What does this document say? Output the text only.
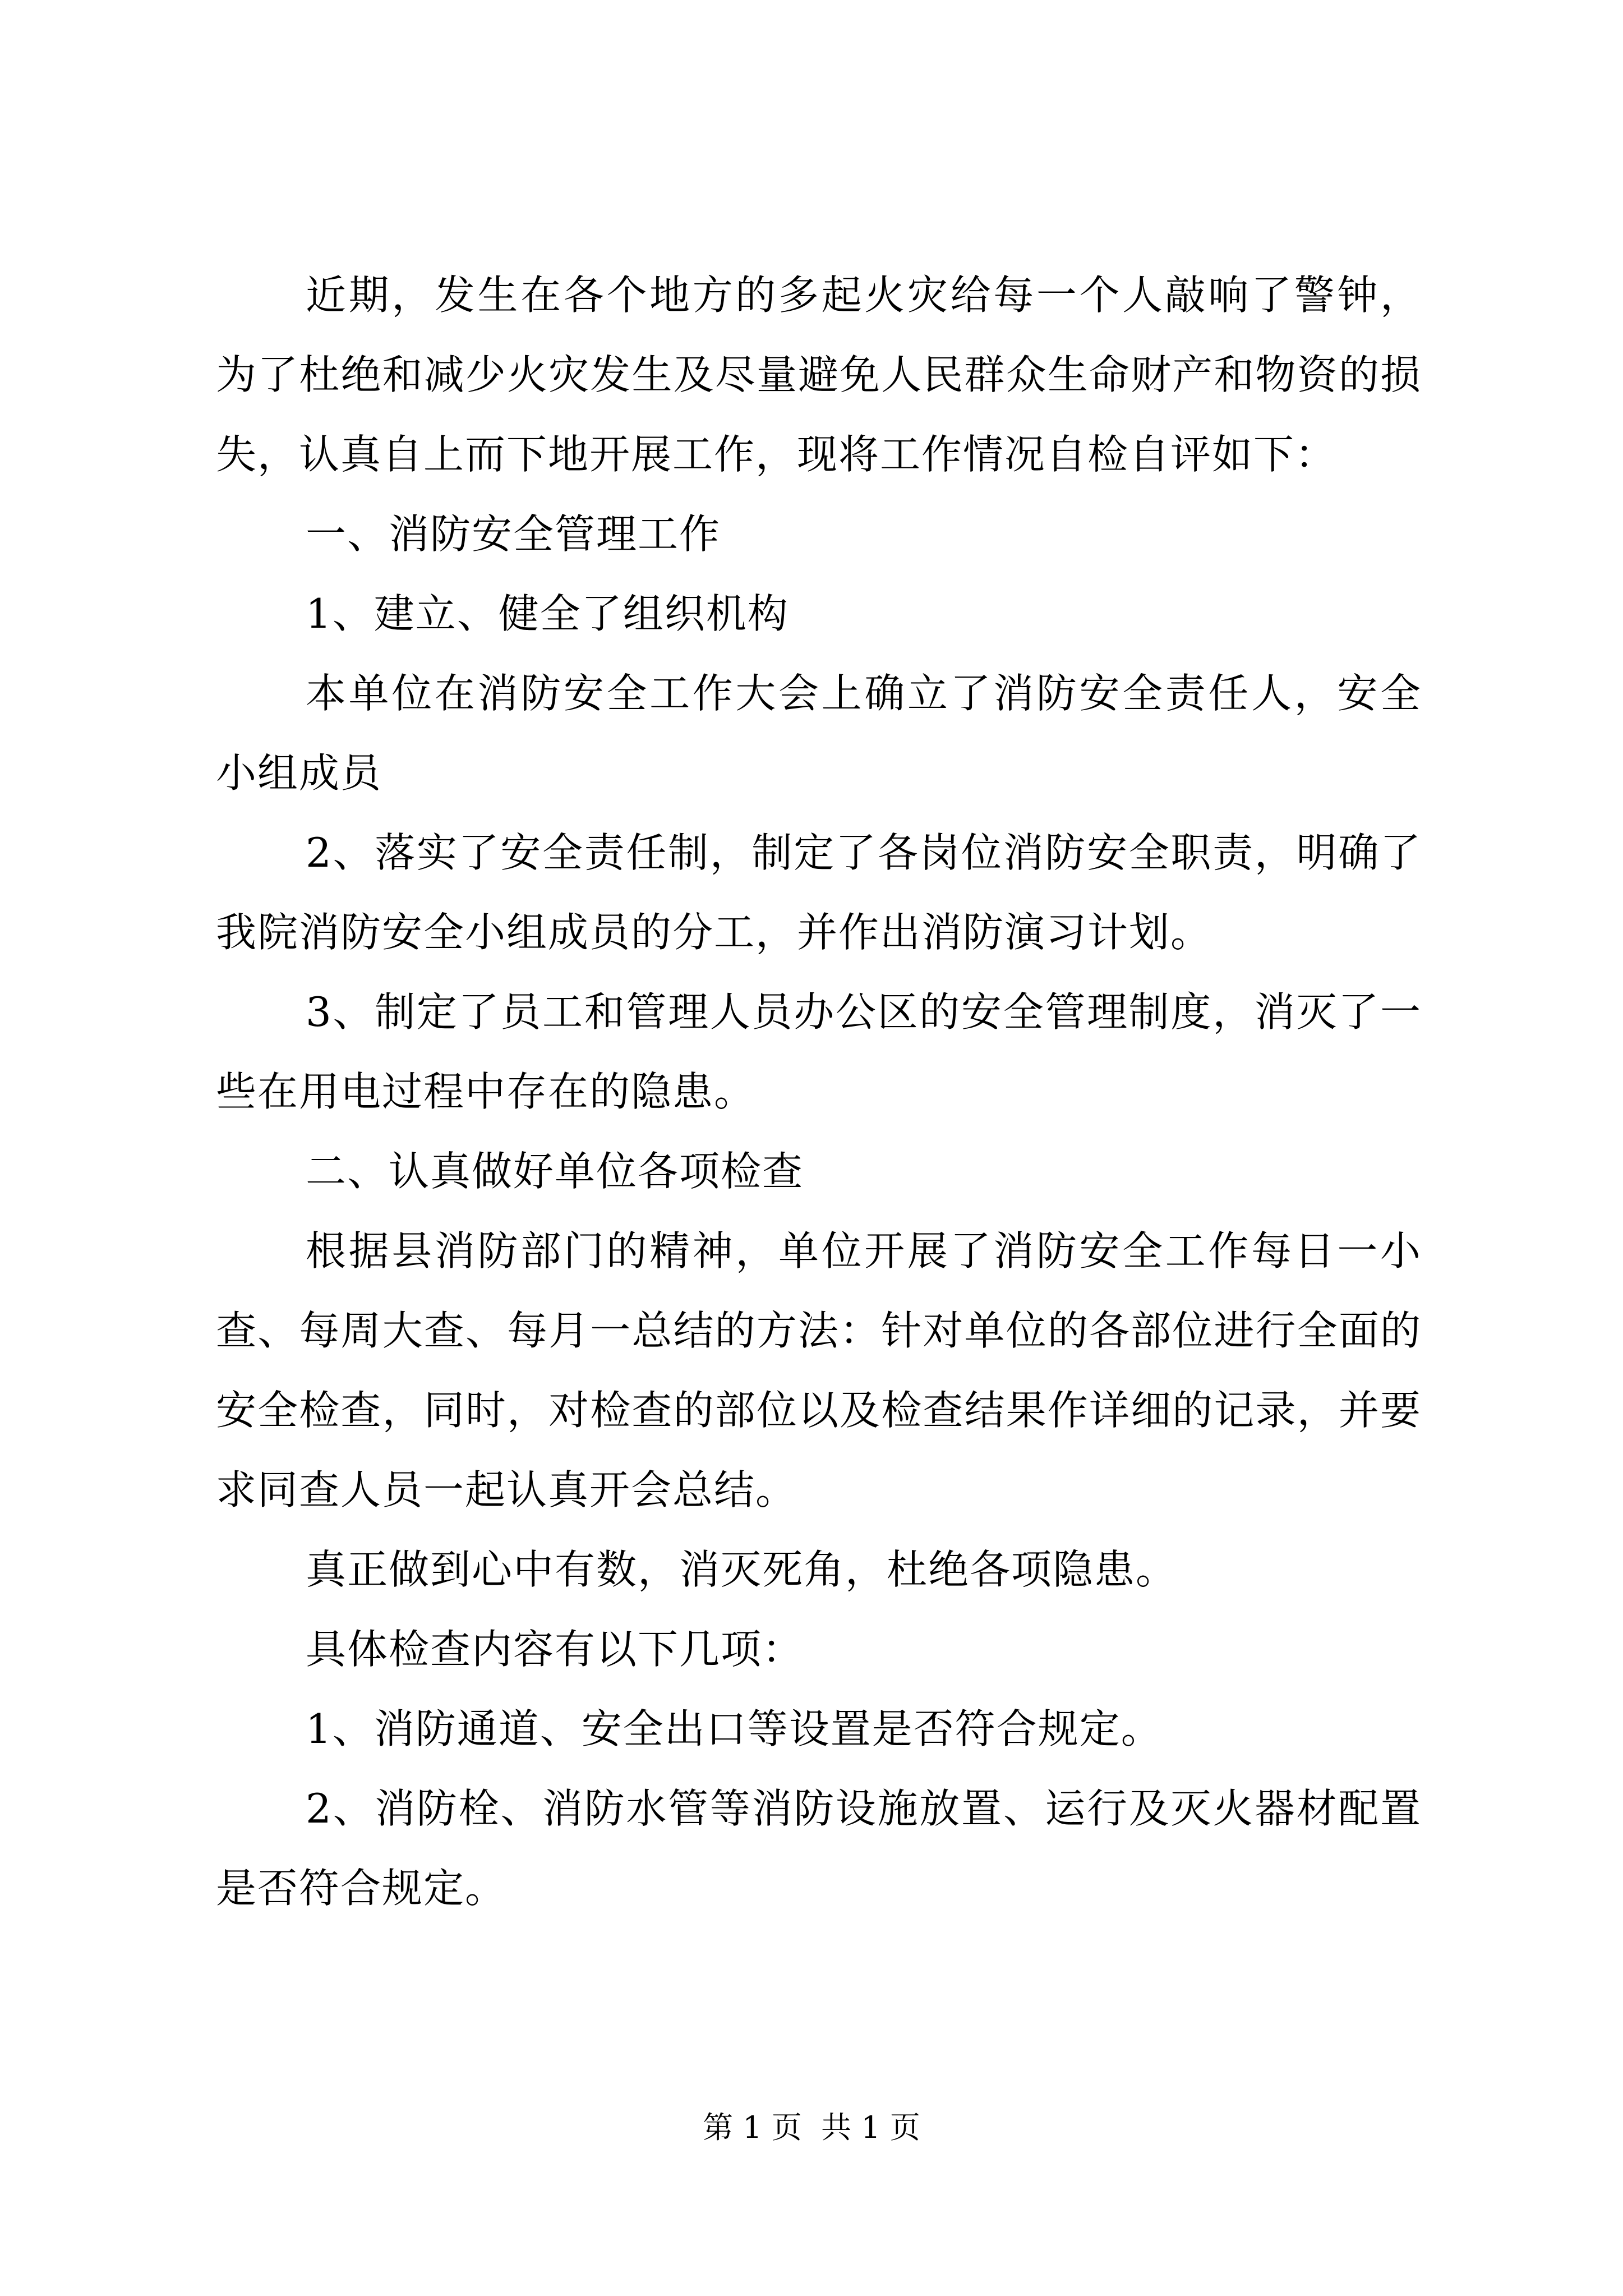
近期，发生在各个地方的多起火灾给每一个人敲响了警钟，为了杜绝和减少火灾发生及尽量避免人民群众生命财产和物资的损失，认真自上而下地开展工作，现将工作情况自检自评如下：

一、消防安全管理工作

1、建立、健全了组织机构

本单位在消防安全工作大会上确立了消防安全责任人，安全小组成员

2、落实了安全责任制，制定了各岗位消防安全职责，明确了我院消防安全小组成员的分工，并作出消防演习计划。

3、制定了员工和管理人员办公区的安全管理制度，消灭了一些在用电过程中存在的隐患。

二、认真做好单位各项检查

根据县消防部门的精神，单位开展了消防安全工作每日一小查、每周大查、每月一总结的方法：针对单位的各部位进行全面的安全检查，同时，对检查的部位以及检查结果作详细的记录，并要求同查人员一起认真开会总结。

真正做到心中有数，消灭死角，杜绝各项隐患。

具体检查内容有以下几项：

1、消防通道、安全出口等设置是否符合规定。

2、消防栓、消防水管等消防设施放置、运行及灭火器材配置是否符合规定。

第 1 页  共 1 页
